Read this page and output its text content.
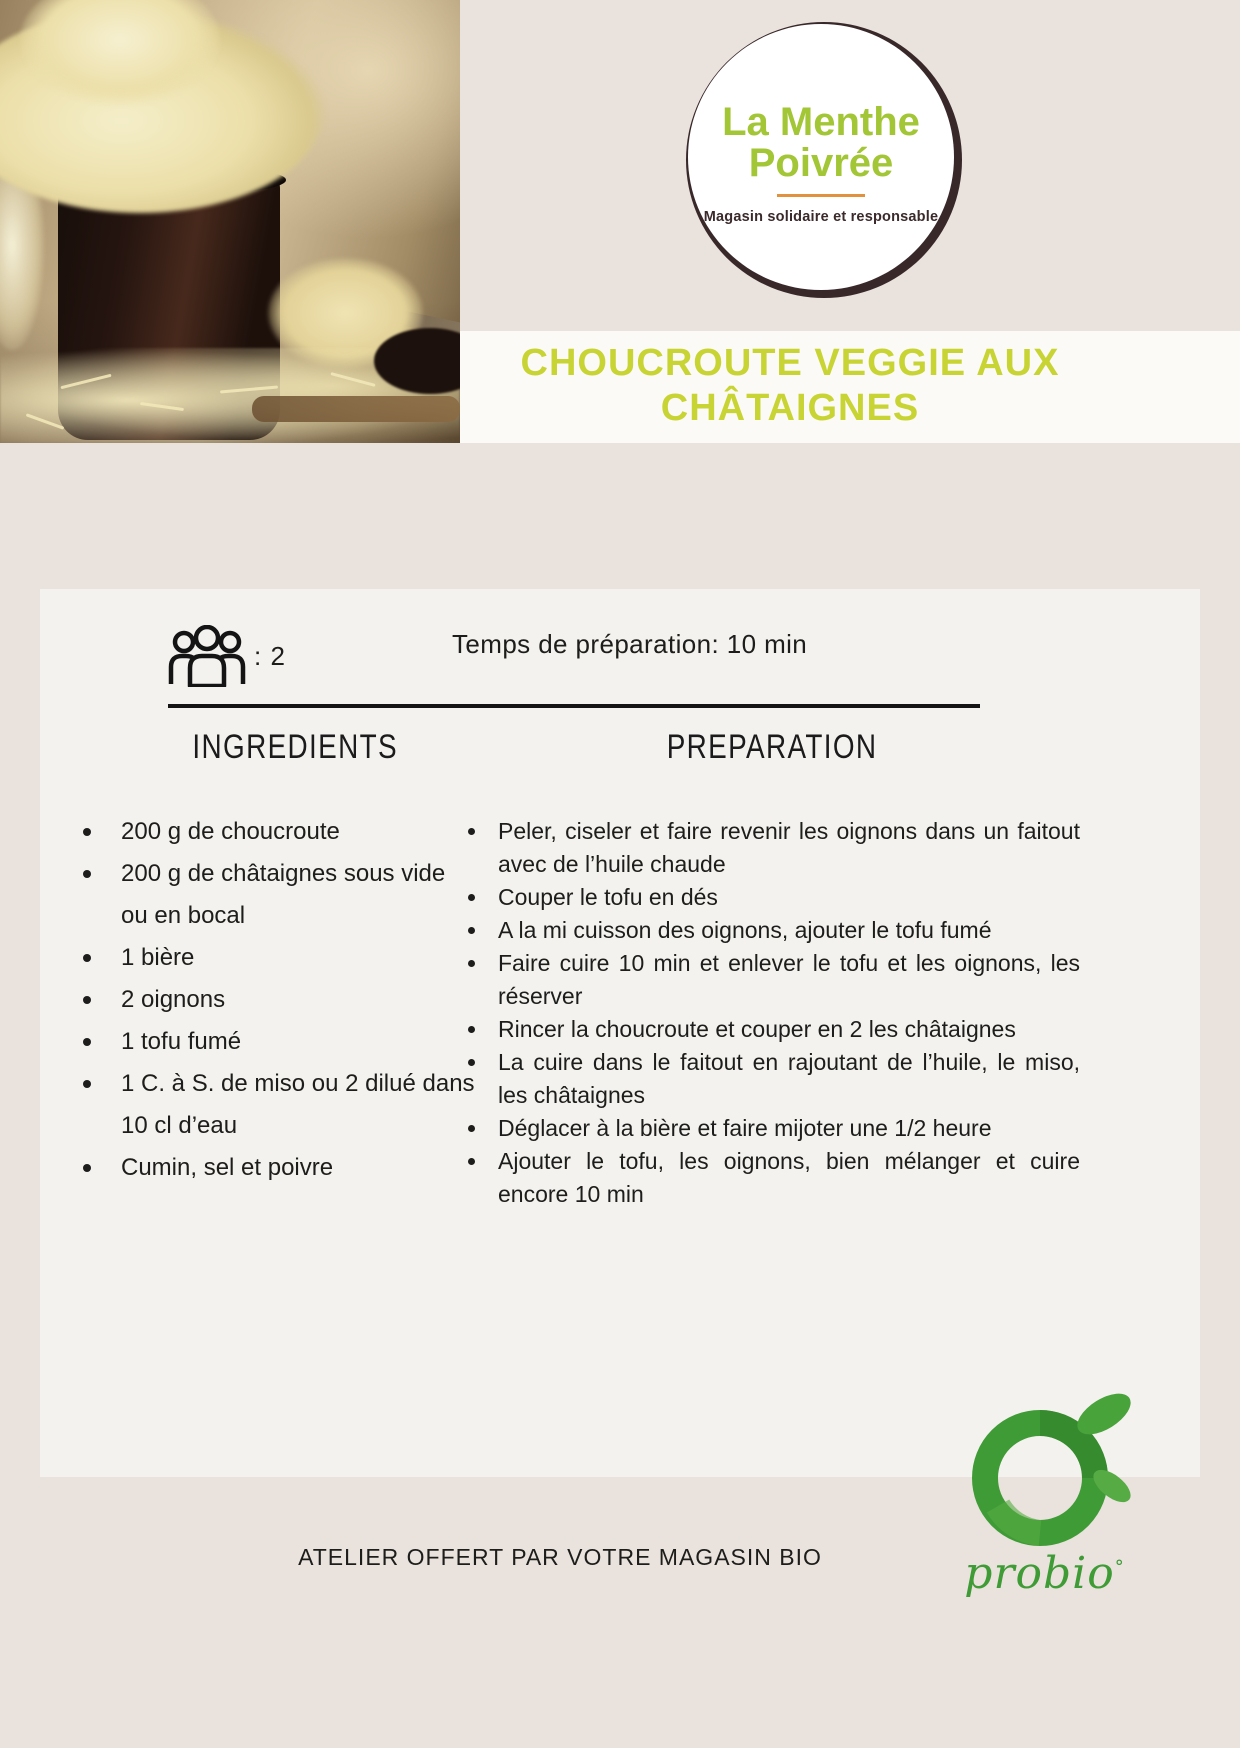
La Menthe
Poivrée
Magasin solidaire et responsable
CHOUCROUTE VEGGIE AUX
CHÂTAIGNES
: 2	Temps de préparation: 10 min
INGREDIENTS	PREPARATION
200 g de choucroute
200 g de châtaignes sous vide ou en bocal
1 bière
2 oignons
1 tofu fumé
1 C. à S. de miso ou 2 dilué dans 10 cl d’eau
Cumin, sel et poivre
Peler, ciseler et faire revenir les oignons dans un faitout avec de l’huile chaude
Couper le tofu en dés
A la mi cuisson des oignons, ajouter le tofu fumé
Faire cuire 10 min et enlever le tofu et les oignons, les réserver
Rincer la choucroute et couper en 2 les châtaignes
La cuire dans le faitout en rajoutant de l’huile, le miso, les châtaignes
Déglacer à la bière et faire mijoter une 1/2 heure
Ajouter le tofu, les oignons, bien mélanger et cuire encore 10 min
ATELIER OFFERT PAR VOTRE MAGASIN BIO	probio°
